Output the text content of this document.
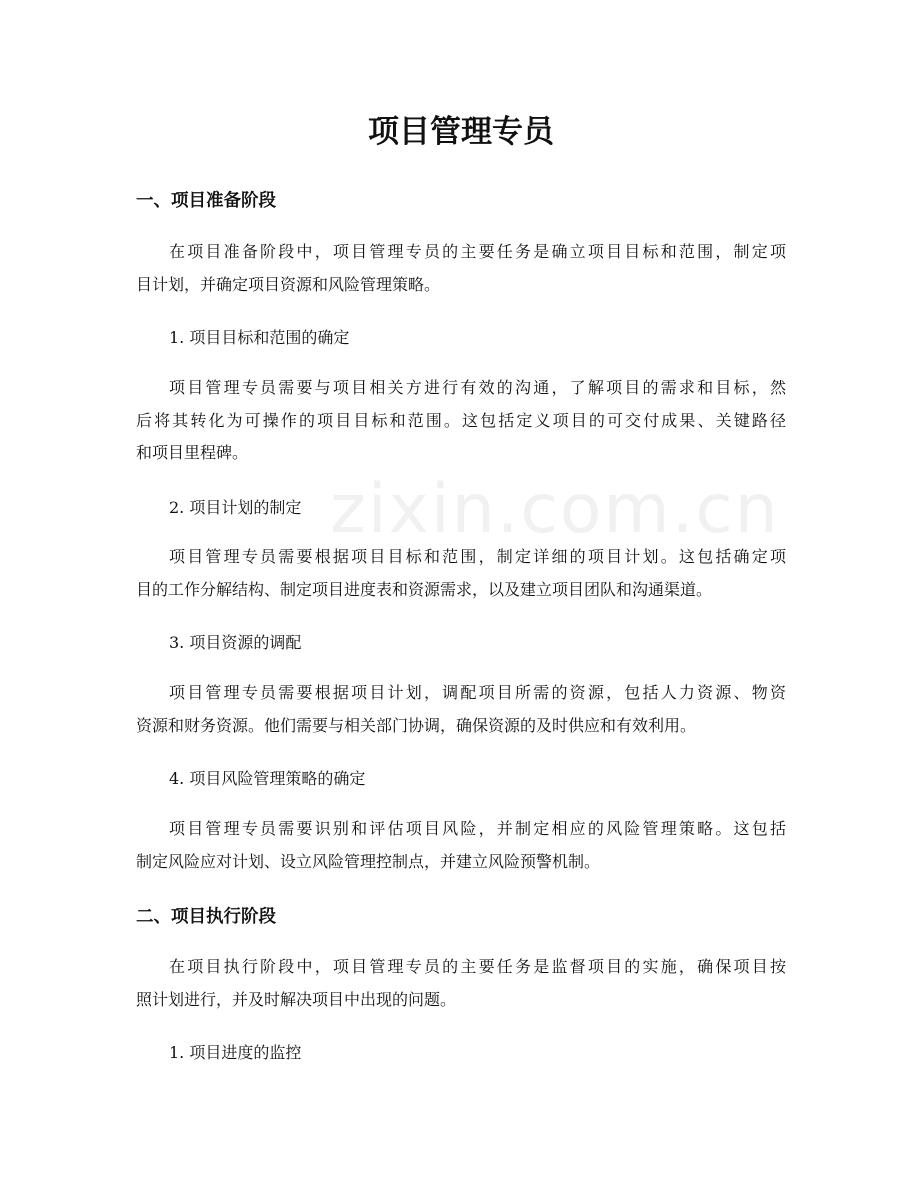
zixin.com.cn
项目管理专员
一、项目准备阶段

在项目准备阶段中，项目管理专员的主要任务是确立项目目标和范围，制定项
目计划，并确定项目资源和风险管理策略。

1. 项目目标和范围的确定

项目管理专员需要与项目相关方进行有效的沟通，了解项目的需求和目标，然
后将其转化为可操作的项目目标和范围。这包括定义项目的可交付成果、关键路径
和项目里程碑。

2. 项目计划的制定

项目管理专员需要根据项目目标和范围，制定详细的项目计划。这包括确定项
目的工作分解结构、制定项目进度表和资源需求，以及建立项目团队和沟通渠道。

3. 项目资源的调配

项目管理专员需要根据项目计划，调配项目所需的资源，包括人力资源、物资
资源和财务资源。他们需要与相关部门协调，确保资源的及时供应和有效利用。

4. 项目风险管理策略的确定

项目管理专员需要识别和评估项目风险，并制定相应的风险管理策略。这包括
制定风险应对计划、设立风险管理控制点，并建立风险预警机制。

二、项目执行阶段

在项目执行阶段中，项目管理专员的主要任务是监督项目的实施，确保项目按
照计划进行，并及时解决项目中出现的问题。

1. 项目进度的监控
